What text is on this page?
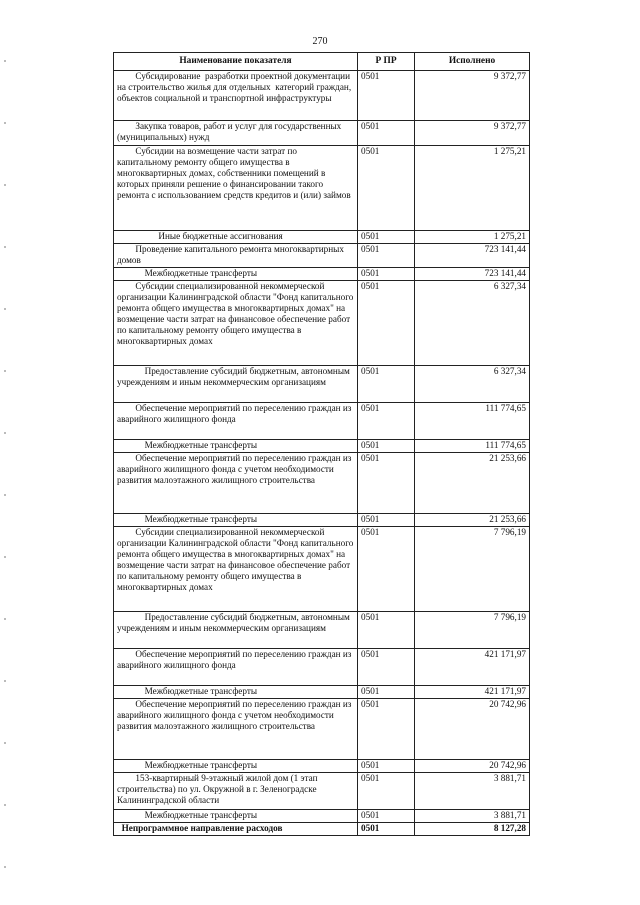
270
Наименование показателя	Р ПР	Исполнено
Субсидирование  разработки проектной документации  на строительство жилья для отдельных  категорий граждан, объектов социальной и транспортной инфраструктуры	0501	9 372,77
Закупка товаров, работ и услуг для государственных (муниципальных) нужд	0501	9 372,77
Субсидии на возмещение части затрат по капитальному ремонту общего имущества в многоквартирных домах, собственники помещений в которых приняли решение о финансировании такого ремонта с использованием средств кредитов и (или) займов	0501	1 275,21
Иные бюджетные ассигнования	0501	1 275,21
Проведение капитального ремонта многоквартирных домов	0501	723 141,44
Межбюджетные трансферты	0501	723 141,44
Субсидии специализированной некоммерческой организации Калининградской области "Фонд капитального ремонта общего имущества в многоквартирных домах" на возмещение части затрат на финансовое обеспечение работ по капитальному ремонту общего имущества в многоквартирных домах	0501	6 327,34
Предоставление субсидий бюджетным, автономным учреждениям и иным некоммерческим организациям	0501	6 327,34
Обеспечение мероприятий по переселению граждан из аварийного жилищного фонда	0501	111 774,65
Межбюджетные трансферты	0501	111 774,65
Обеспечение мероприятий по переселению граждан из аварийного жилищного фонда с учетом необходимости развития малоэтажного жилищного строительства	0501	21 253,66
Межбюджетные трансферты	0501	21 253,66
Субсидии специализированной некоммерческой организации Калининградской области "Фонд капитального ремонта общего имущества в многоквартирных домах" на возмещение части затрат на финансовое обеспечение работ по капитальному ремонту общего имущества в многоквартирных домах	0501	7 796,19
Предоставление субсидий бюджетным, автономным учреждениям и иным некоммерческим организациям	0501	7 796,19
Обеспечение мероприятий по переселению граждан из аварийного жилищного фонда	0501	421 171,97
Межбюджетные трансферты	0501	421 171,97
Обеспечение мероприятий по переселению граждан из аварийного жилищного фонда с учетом необходимости развития малоэтажного жилищного строительства	0501	20 742,96
Межбюджетные трансферты	0501	20 742,96
153-квартирный 9-этажный жилой дом (1 этап строительства) по ул. Окружной в г. Зеленоградске Калининградской области	0501	3 881,71
Межбюджетные трансферты	0501	3 881,71
Непрограммное направление расходов	0501	8 127,28
